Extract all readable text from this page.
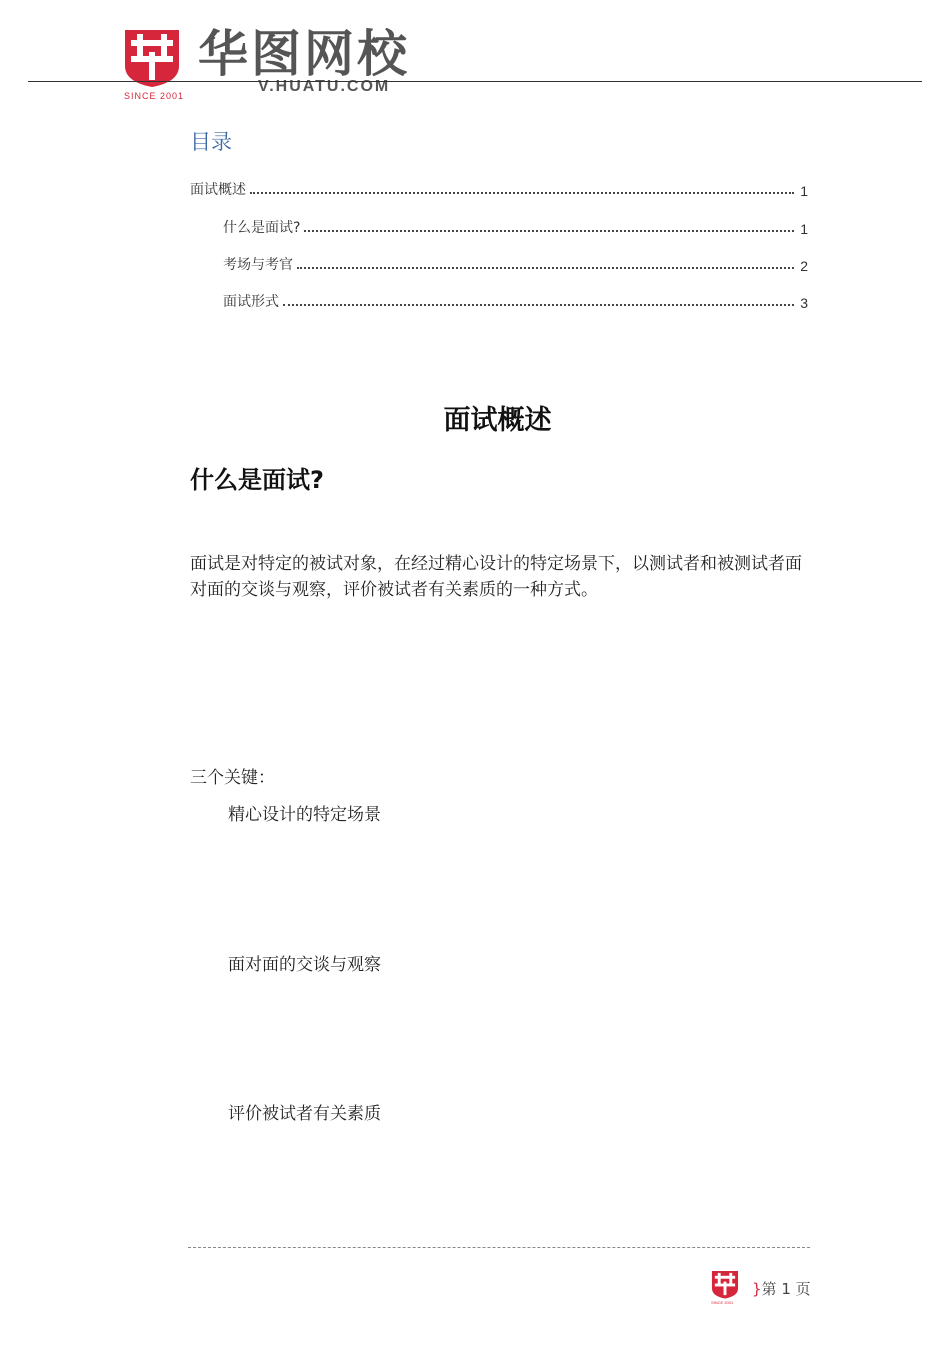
SINCE 2001
华图网校
V.HUATU.COM
目录
面试概述	1
什么是面试?	1
考场与考官	2
面试形式	3
面试概述
什么是面试?
面试是对特定的被试对象，在经过精心设计的特定场景下，以测试者和被测试者面对面的交谈与观察，评价被试者有关素质的一种方式。
三个关键：
精心设计的特定场景
面对面的交谈与观察
评价被试者有关素质
SINCE 2001
}第 1 页
